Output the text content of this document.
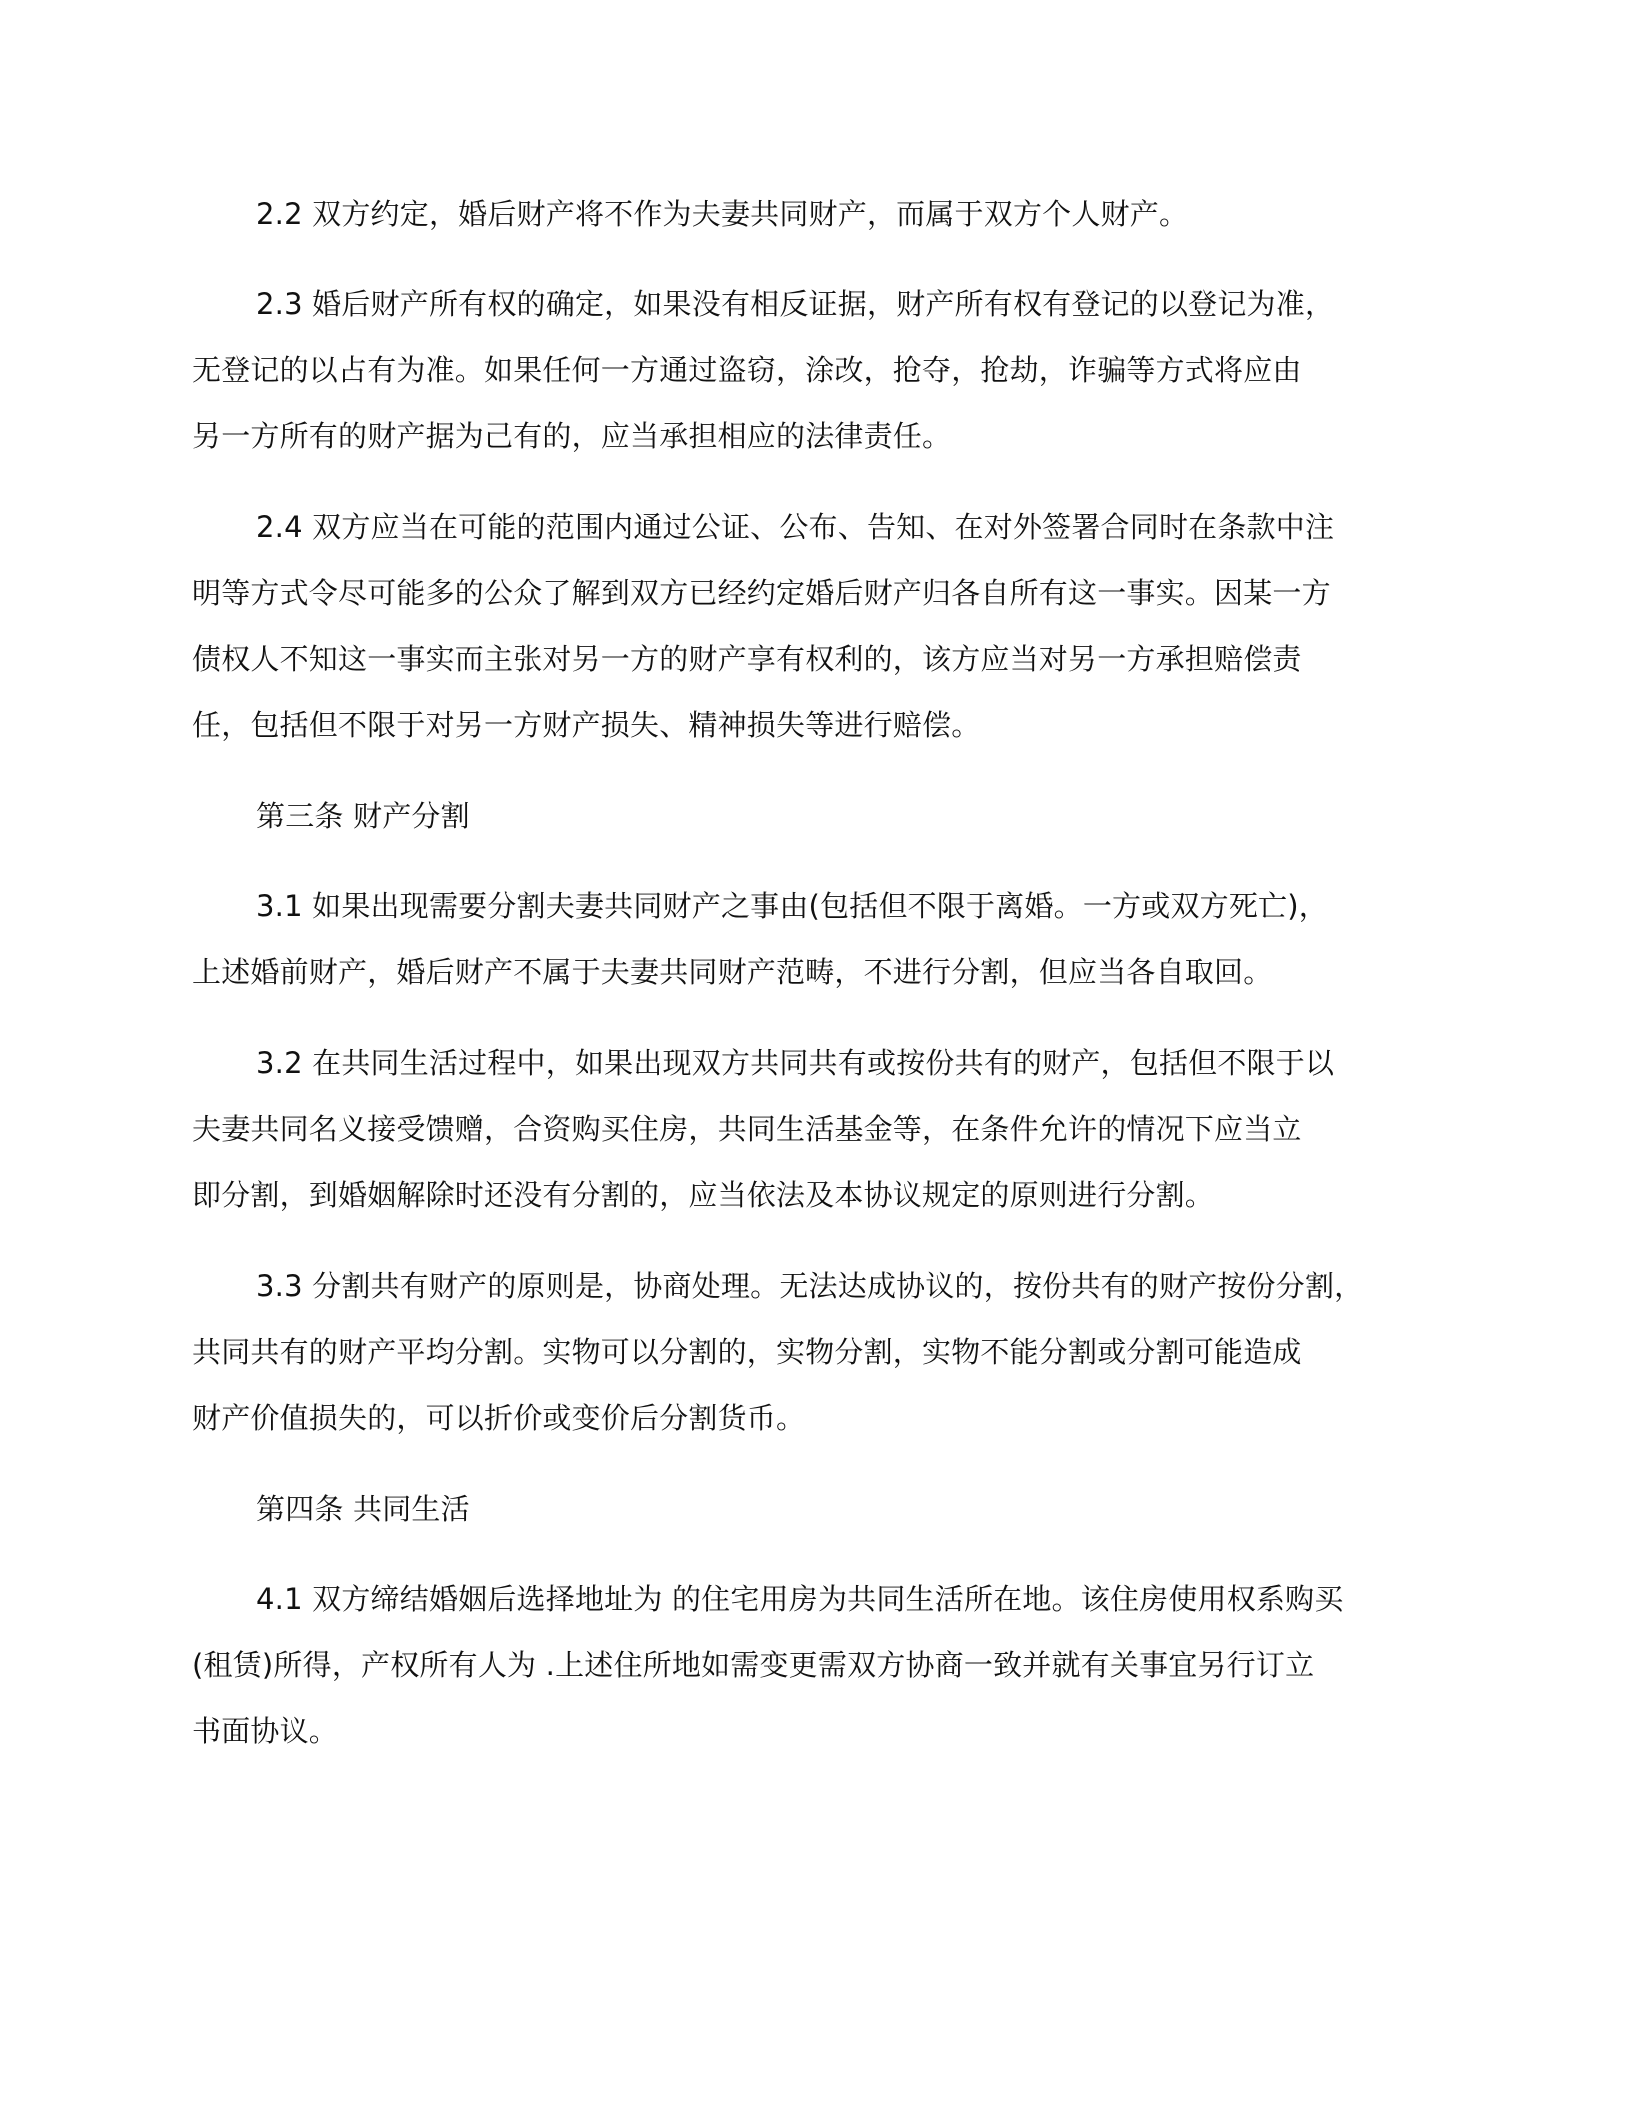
2.2 双方约定，婚后财产将不作为夫妻共同财产，而属于双方个人财产。

2.3 婚后财产所有权的确定，如果没有相反证据，财产所有权有登记的以登记为准，

无登记的以占有为准。如果任何一方通过盗窃，涂改，抢夺，抢劫，诈骗等方式将应由

另一方所有的财产据为己有的，应当承担相应的法律责任。

2.4 双方应当在可能的范围内通过公证、公布、告知、在对外签署合同时在条款中注

明等方式令尽可能多的公众了解到双方已经约定婚后财产归各自所有这一事实。因某一方

债权人不知这一事实而主张对另一方的财产享有权利的，该方应当对另一方承担赔偿责

任，包括但不限于对另一方财产损失、精神损失等进行赔偿。

第三条 财产分割

3.1 如果出现需要分割夫妻共同财产之事由(包括但不限于离婚。一方或双方死亡)，

上述婚前财产，婚后财产不属于夫妻共同财产范畴，不进行分割，但应当各自取回。

3.2 在共同生活过程中，如果出现双方共同共有或按份共有的财产，包括但不限于以

夫妻共同名义接受馈赠，合资购买住房，共同生活基金等，在条件允许的情况下应当立

即分割，到婚姻解除时还没有分割的，应当依法及本协议规定的原则进行分割。

3.3 分割共有财产的原则是，协商处理。无法达成协议的，按份共有的财产按份分割，

共同共有的财产平均分割。实物可以分割的，实物分割，实物不能分割或分割可能造成

财产价值损失的，可以折价或变价后分割货币。

第四条 共同生活

4.1 双方缔结婚姻后选择地址为 的住宅用房为共同生活所在地。该住房使用权系购买

(租赁)所得，产权所有人为 .上述住所地如需变更需双方协商一致并就有关事宜另行订立

书面协议。
